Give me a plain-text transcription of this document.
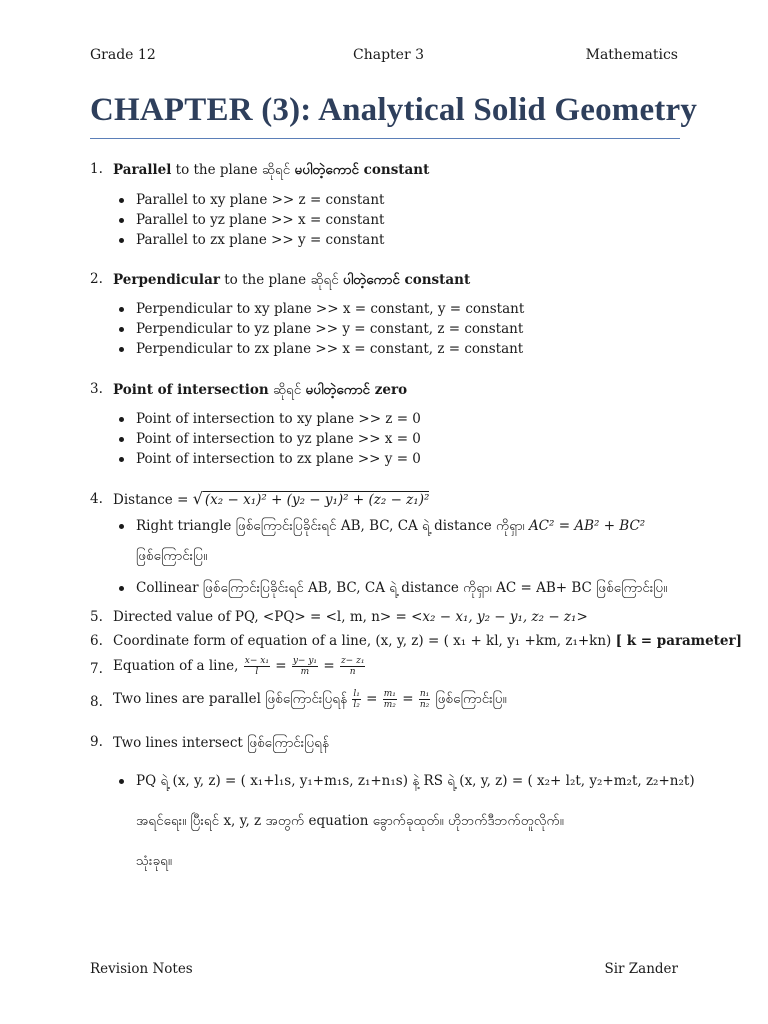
Grade 12	Chapter 3	Mathematics
CHAPTER (3): Analytical Solid Geometry
1. Parallel to the plane ဆိုရင် မပါတဲ့ကောင် constant
Parallel to xy plane >> z = constant
Parallel to yz plane >> x = constant
Parallel to zx plane >> y = constant
2. Perpendicular to the plane ဆိုရင် ပါတဲ့ကောင် constant
Perpendicular to xy plane >> x = constant, y = constant
Perpendicular to yz plane >> y = constant, z = constant
Perpendicular to zx plane >> x = constant, z = constant
3. Point of intersection ဆိုရင် မပါတဲ့ကောင် zero
Point of intersection to xy plane >> z = 0
Point of intersection to yz plane >> x = 0
Point of intersection to zx plane >> y = 0
4. Distance = √ (x₂ − x₁)² + (y₂ − y₁)² + (z₂ − z₁)²
Right triangle ဖြစ်ကြောင်းပြခိုင်းရင် AB, BC, CA ရဲ့ distance ကိုရှာ၊ AC² = AB² + BC²
ဖြစ်ကြောင်းပြ။
Collinear ဖြစ်ကြောင်းပြခိုင်းရင် AB, BC, CA ရဲ့ distance ကိုရှာ၊ AC = AB+ BC ဖြစ်ကြောင်းပြ။
5. Directed value of PQ, <PQ> = <l, m, n> = <x₂ − x₁, y₂ − y₁, z₂ − z₁>
6. Coordinate form of equation of a line, (x, y, z) = ( x₁ + kl, y₁ +km, z₁+kn) [ k = parameter]
7. Equation of a line, $\frac{\text{x− x₁}}{l} = \frac{\text{y− y₁}}{m} = \frac{\text{z− z₁}}{n}$
8. Two lines are parallel ဖြစ်ကြောင်းပြရန် $\frac{\text{l₁}}{\text{l₂}} = \frac{\text{m₁}}{\text{m₂}} = \frac{\text{n₁}}{\text{n₂}}$ ဖြစ်ကြောင်းပြ။
9. Two lines intersect ဖြစ်ကြောင်းပြရန်
PQ ရဲ့ (x, y, z) = ( x₁+l₁s, y₁+m₁s, z₁+n₁s) နဲ့ RS ရဲ့ (x, y, z) = ( x₂+ l₂t, y₂+m₂t, z₂+n₂t)
အရင်ရေး။ ပြီးရင် x, y, z အတွက် equation ခွောက်ခုထုတ်။ ဟိုဘက်ဒီဘက်တူလိုက်။
သုံးခုရ။
Revision Notes	Sir Zander
